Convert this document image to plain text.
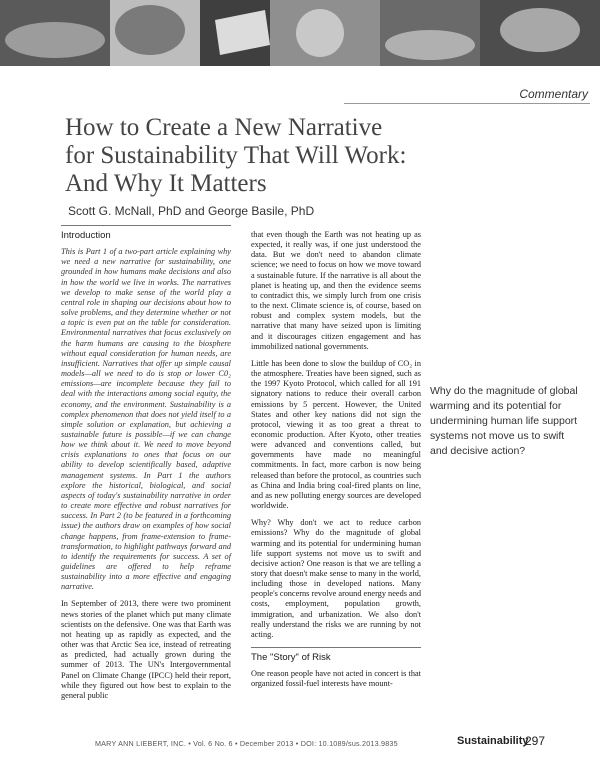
Commentary
How to Create a New Narrative
for Sustainability That Will Work:
And Why It Matters
Scott G. McNall, PhD and George Basile, PhD
Introduction

This is Part 1 of a two-part article explaining why we need a new narrative for sustainability, one grounded in how humans make decisions and also in how the world we live in works. The narratives we develop to make sense of the world play a central role in shaping our decisions about how to solve problems, and they determine whether or not a topic is even put on the table for consideration. Environmental narratives that focus exclusively on the harm humans are causing to the biosphere without equal consideration for human needs, are insufficient. Narratives that offer up simple causal models—all we need to do is stop or lower C0₂ emissions—are incomplete because they fail to deal with the interactions among social equity, the economy, and the environment. Sustainability is a complex phenomenon that does not yield itself to a simple solution or explanation, but achieving a sustainable future is possible—if we can change how we think about it. We need to move beyond crisis explanations to ones that focus on our ability to develop scientifically based, adaptive management systems. In Part 1 the authors explore the historical, biological, and social aspects of today's sustainability narrative in order to create more effective and robust narratives for success. In Part 2 (to be featured in a forthcoming issue) the authors draw on examples of how social change happens, from frame-extension to frame-transformation, to highlight pathways forward and to identify the requirements for success. A set of guidelines are offered to help reframe sustainability into a more effective and engaging narrative.

In September of 2013, there were two prominent news stories of the planet which put many climate scientists on the defensive. One was that Earth was not heating up as rapidly as expected, and the other was that Arctic Sea ice, instead of retreating as predicted, had actually grown during the summer of 2013. The UN's Intergovernmental Panel on Climate Change (IPCC) held their report, while they figured out how best to explain to the general public

that even though the Earth was not heating up as expected, it really was, if one just understood the data. But we don't need to abandon climate science; we need to focus on how we move toward a sustainable future. If the narrative is all about the planet is heating up, and then the evidence seems to contradict this, we simply lurch from one crisis to the next. Climate science is, of course, based on robust and complex system models, but the narrative that many have seized upon is limiting and it discourages citizen engagement and has immobilized national governments.

Little has been done to slow the buildup of CO₂ in the atmosphere. Treaties have been signed, such as the 1997 Kyoto Protocol, which called for all 191 signatory nations to reduce their overall carbon emissions by 5 percent. However, the United States and other key nations did not sign the protocol, viewing it as too great a threat to economic production. After Kyoto, other treaties were advanced and conventions called, but governments have made no meaningful commitments. In fact, more carbon is now being released than before the protocol, as countries such as China and India bring coal-fired plants on line, and as new polluting energy sources are developed worldwide.

Why? Why don't we act to reduce carbon emissions? Why do the magnitude of global warming and its potential for undermining human life support systems not move us to swift and decisive action? One reason is that we are telling a story that doesn't make sense to many in the world, including those in developed nations. Many people's concerns revolve around energy needs and costs, employment, population growth, immigration, and urbanization. We also don't really understand the risks we are running by not acting.

The "Story" of Risk

One reason people have not acted in concert is that organized fossil-fuel interests have mount-

Why do the magnitude of global warming and its potential for undermining human life support systems not move us to swift and decisive action?
MARY ANN LIEBERT, INC. • Vol. 6 No. 6 • December 2013 • DOI: 10.1089/sus.2013.9835	Sustainability
297
